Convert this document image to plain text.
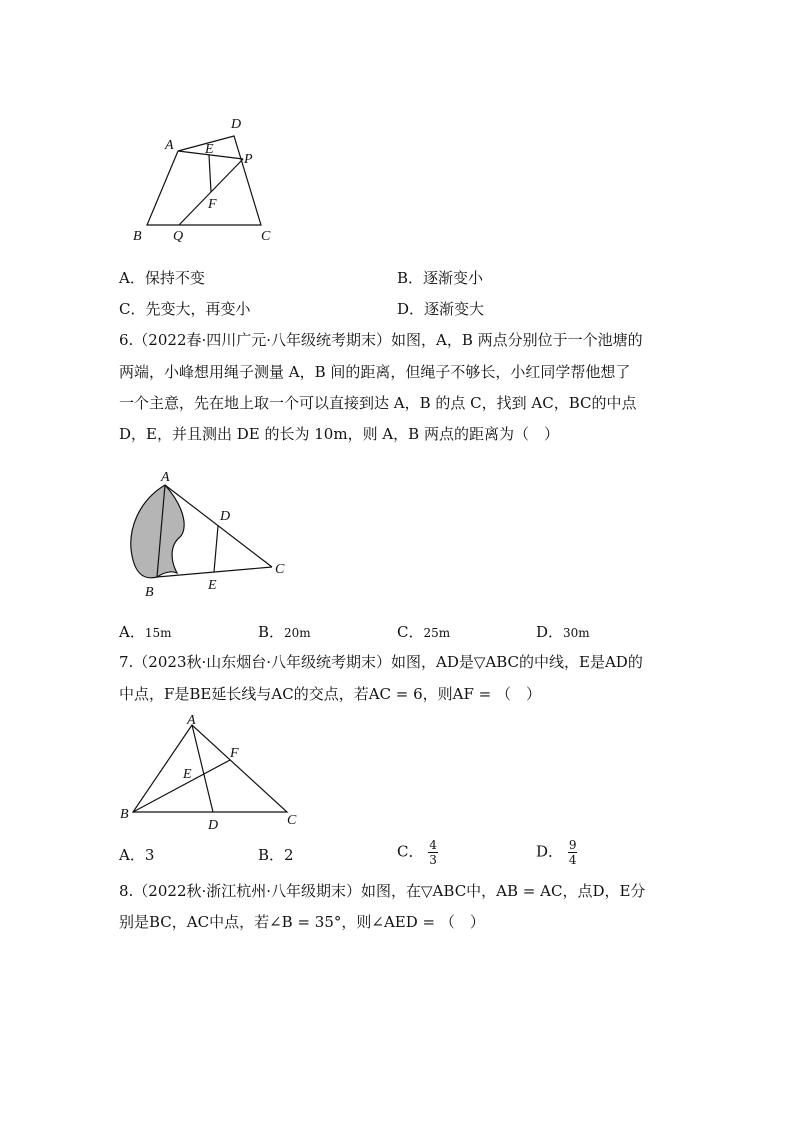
A
D
E
P
F
B Q	C
A．保持不变	B．逐渐变小
C．先变大，再变小	D．逐渐变大
6.（2022春·四川广元·八年级统考期末）如图，A，B 两点分别位于一个池塘的
两端，小峰想用绳子测量 A，B 间的距离，但绳子不够长，小红同学帮他想了
一个主意，先在地上取一个可以直接到达 A，B 的点 C，找到 AC，BC的中点
D，E，并且测出 DE 的长为 10m，则 A，B 两点的距离为（　）
A
D
C
B	E
A．15m	B．20m	C．25m	D．30m
7.（2023秋·山东烟台·八年级统考期末）如图，AD是▽ABC的中线，E是AD的
中点，F是BE延长线与AC的交点，若AC = 6，则AF = （　）
A
F
E
B
D	C
A．3	B．2	C． $\frac{4}{3}$	D． $\frac{9}{4}$
8.（2022秋·浙江杭州·八年级期末）如图，在▽ABC中，AB = AC，点D，E分
别是BC，AC中点，若∠B = 35°，则∠AED = （　）
